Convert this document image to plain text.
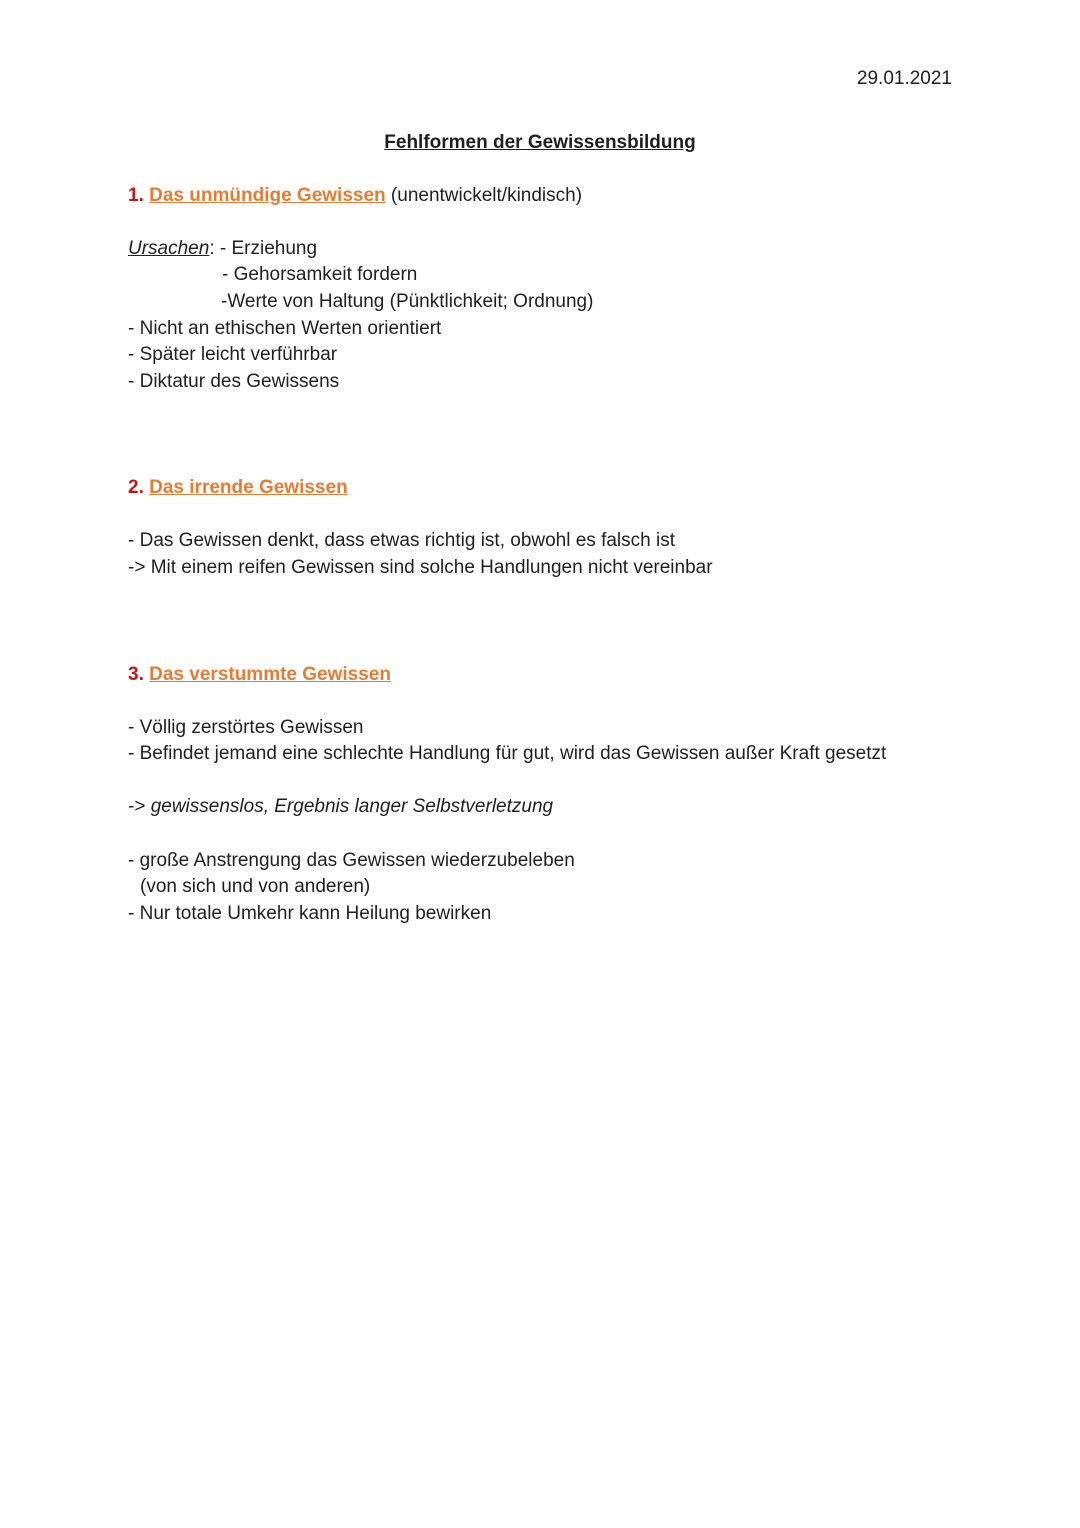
29.01.2021
Fehlformen der Gewissensbildung
1. Das unmündige Gewissen (unentwickelt/kindisch)
Ursachen: - Erziehung
- Gehorsamkeit fordern
-Werte von Haltung (Pünktlichkeit; Ordnung)
- Nicht an ethischen Werten orientiert
- Später leicht verführbar
- Diktatur des Gewissens
2. Das irrende Gewissen
- Das Gewissen denkt, dass etwas richtig ist, obwohl es falsch ist
-> Mit einem reifen Gewissen sind solche Handlungen nicht vereinbar
3. Das verstummte Gewissen
- Völlig zerstörtes Gewissen
- Befindet jemand eine schlechte Handlung für gut, wird das Gewissen außer Kraft gesetzt
-> gewissenslos, Ergebnis langer Selbstverletzung
- große Anstrengung das Gewissen wiederzubeleben
(von sich und von anderen)
- Nur totale Umkehr kann Heilung bewirken
